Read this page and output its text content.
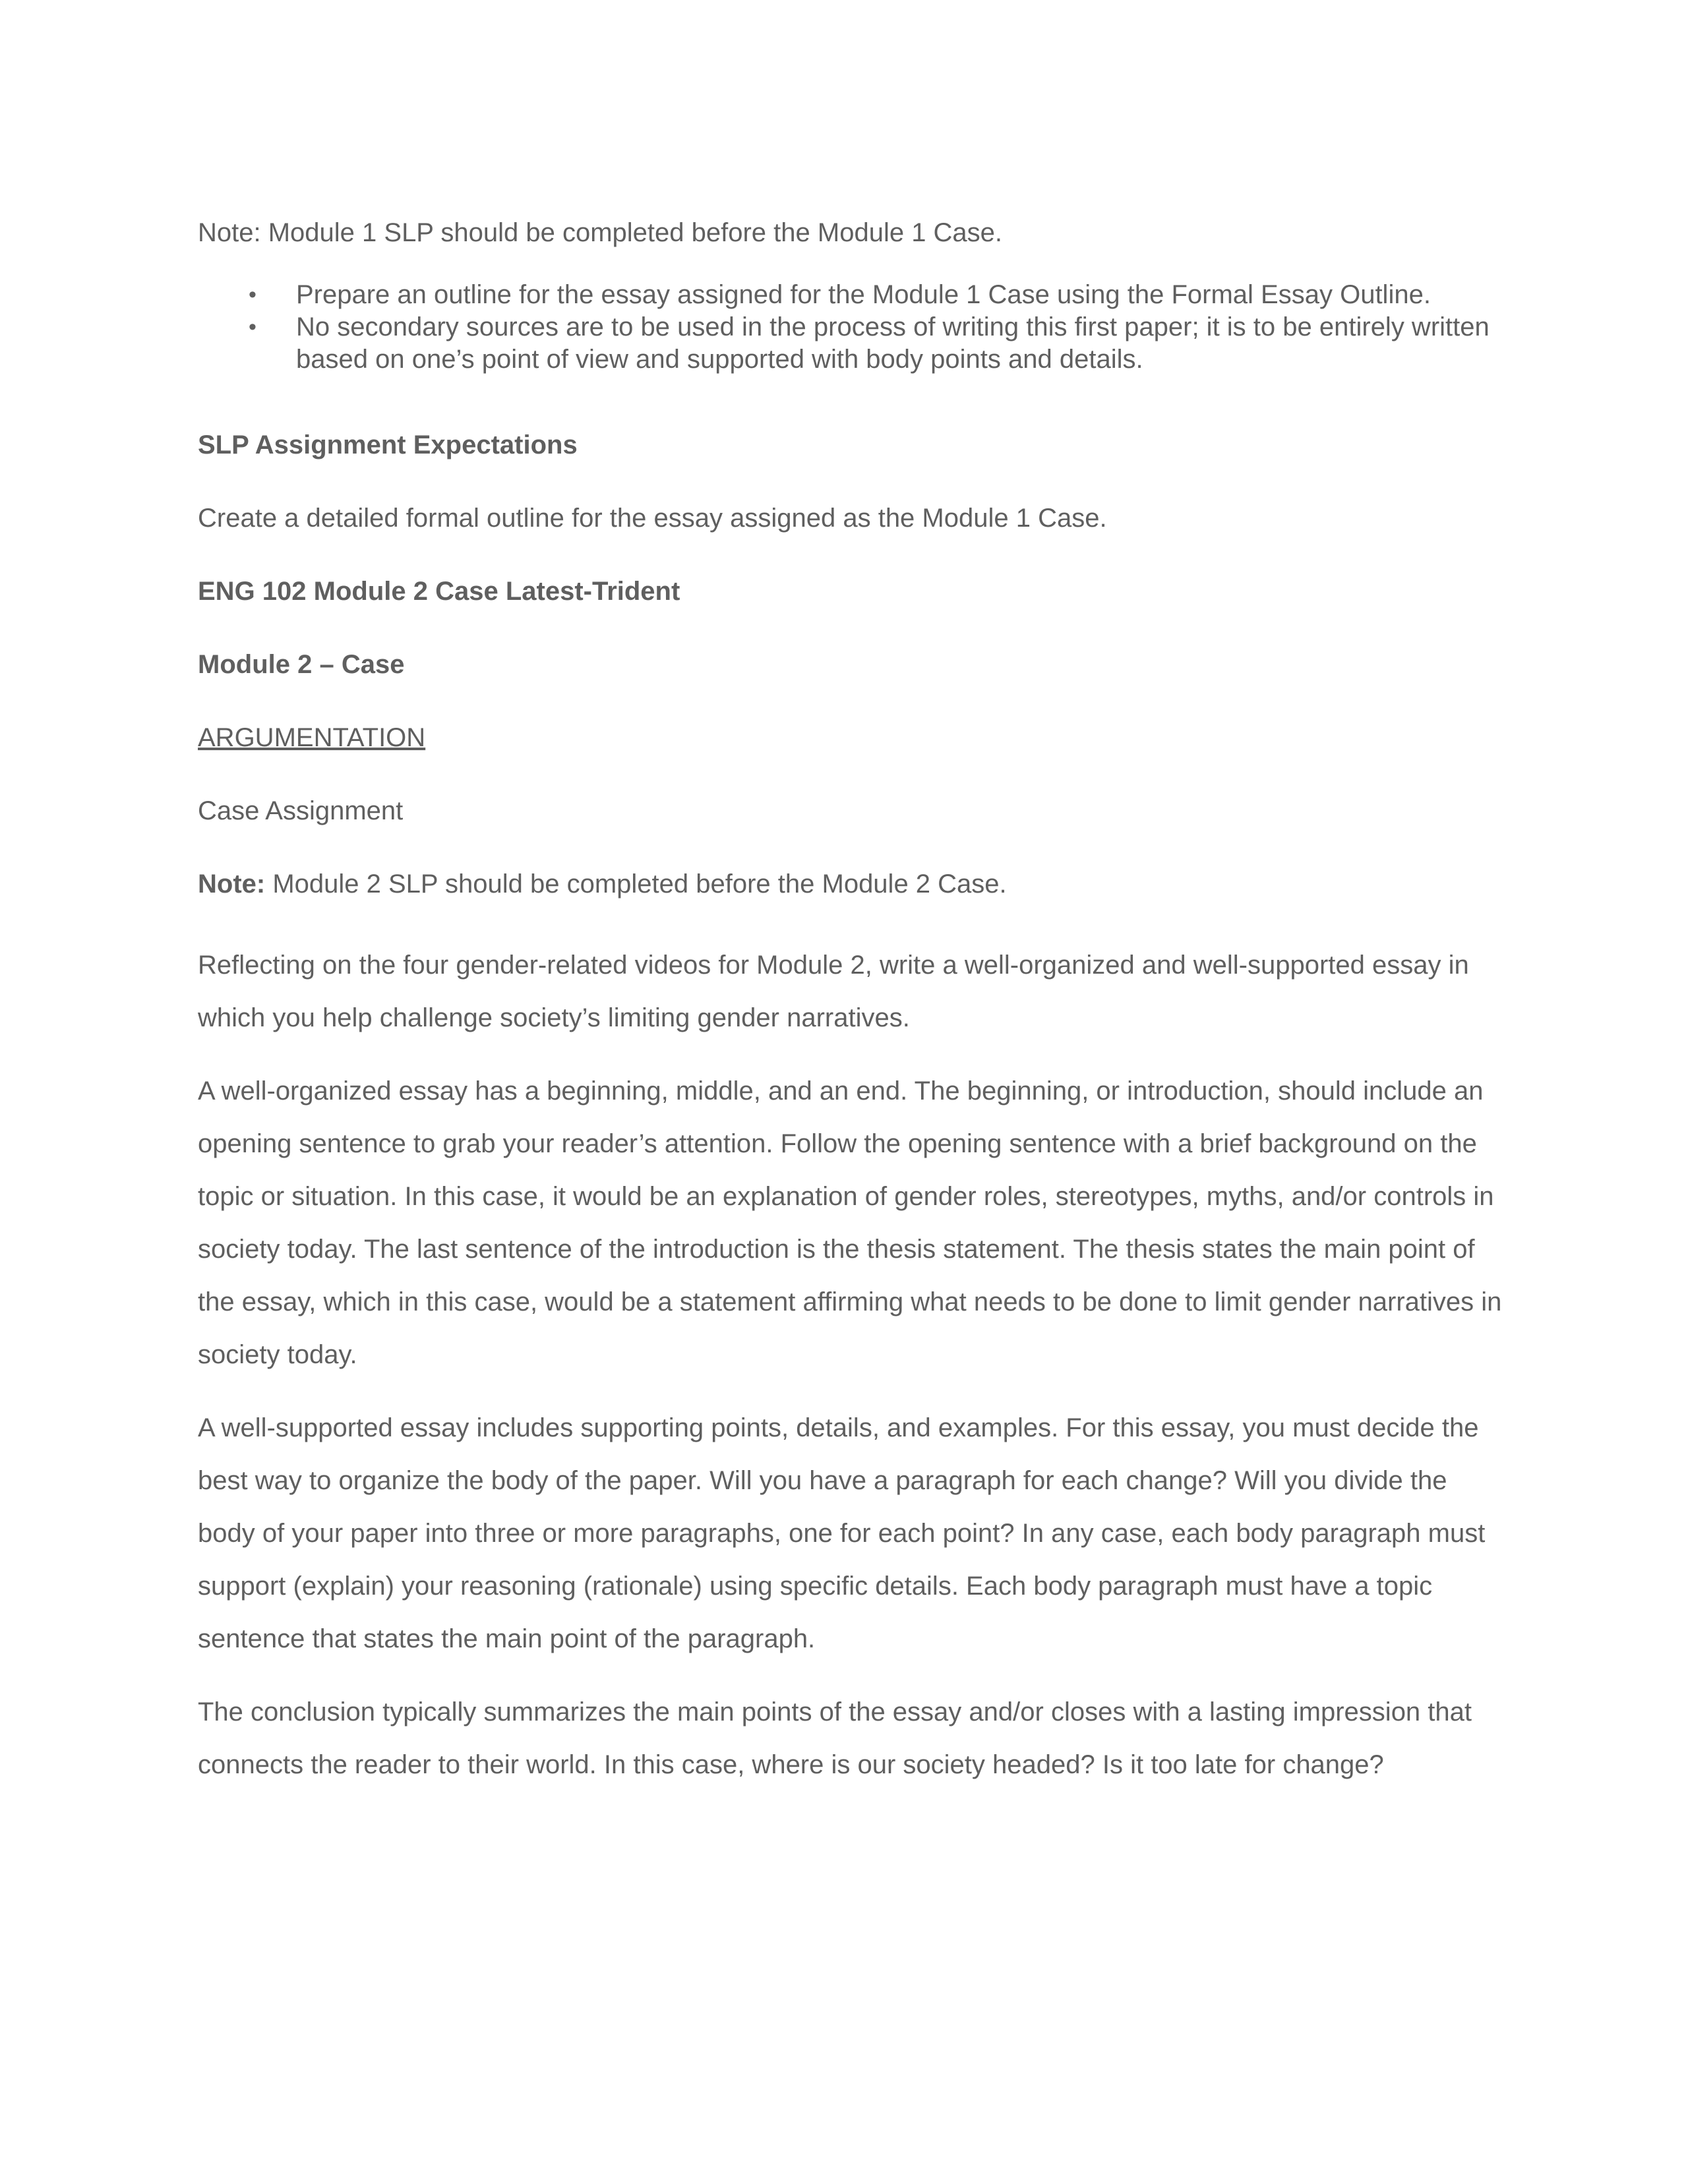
Note: Module 1 SLP should be completed before the Module 1 Case.

• Prepare an outline for the essay assigned for the Module 1 Case using the Formal Essay Outline.
• No secondary sources are to be used in the process of writing this first paper; it is to be entirely written based on one’s point of view and supported with body points and details.

SLP Assignment Expectations

Create a detailed formal outline for the essay assigned as the Module 1 Case.

ENG 102 Module 2 Case Latest-Trident

Module 2 – Case

ARGUMENTATION

Case Assignment

Note: Module 2 SLP should be completed before the Module 2 Case.

Reflecting on the four gender-related videos for Module 2, write a well-organized and well-supported essay in which you help challenge society’s limiting gender narratives.

A well-organized essay has a beginning, middle, and an end. The beginning, or introduction, should include an opening sentence to grab your reader’s attention. Follow the opening sentence with a brief background on the topic or situation. In this case, it would be an explanation of gender roles, stereotypes, myths, and/or controls in society today. The last sentence of the introduction is the thesis statement. The thesis states the main point of the essay, which in this case, would be a statement affirming what needs to be done to limit gender narratives in society today.

A well-supported essay includes supporting points, details, and examples. For this essay, you must decide the best way to organize the body of the paper. Will you have a paragraph for each change? Will you divide the body of your paper into three or more paragraphs, one for each point? In any case, each body paragraph must support (explain) your reasoning (rationale) using specific details. Each body paragraph must have a topic sentence that states the main point of the paragraph.

The conclusion typically summarizes the main points of the essay and/or closes with a lasting impression that connects the reader to their world. In this case, where is our society headed? Is it too late for change?
